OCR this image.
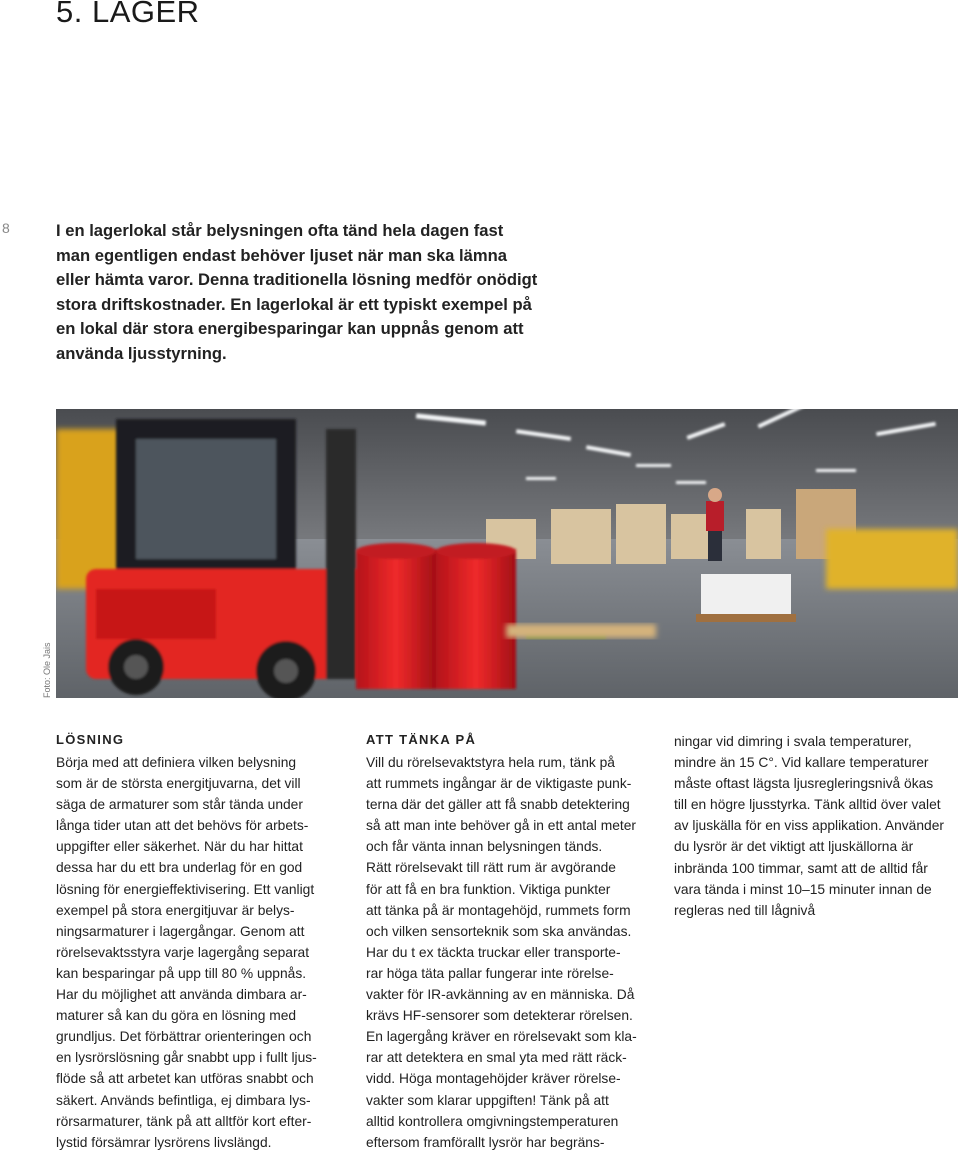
5. LAGER
8	I en lagerlokal står belysningen ofta tänd hela dagen fast
man egentligen endast behöver ljuset när man ska lämna
eller hämta varor. Denna traditionella lösning medför onödigt
stora driftskostnader. En lagerlokal är ett typiskt exempel på
en lokal där stora energibesparingar kan uppnås genom att
använda ljusstyrning.

Foto: Ole Jais
LÖSNING
Börja med att definiera vilken belysning
som är de största energitjuvarna, det vill
säga de armaturer som står tända under
långa tider utan att det behövs för arbets-
uppgifter eller säkerhet. När du har hittat
dessa har du ett bra underlag för en god
lösning för energieffektivisering. Ett vanligt
exempel på stora energitjuvar är belys-
ningsarmaturer i lagergångar. Genom att
rörelsevaktsstyra varje lagergång separat
kan besparingar på upp till 80 % uppnås.
Har du möjlighet att använda dimbara ar-
maturer så kan du göra en lösning med
grundljus. Det förbättrar orienteringen och
en lysrörslösning går snabbt upp i fullt ljus-
flöde så att arbetet kan utföras snabbt och
säkert. Används befintliga, ej dimbara lys-
rörsarmaturer, tänk på att alltför kort efter-
lystid försämrar lysrörens livslängd.
ATT TÄNKA PÅ
Vill du rörelsevaktstyra hela rum, tänk på
att rummets ingångar är de viktigaste punk-
terna där det gäller att få snabb detektering
så att man inte behöver gå in ett antal meter
och får vänta innan belysningen tänds.
Rätt rörelsevakt till rätt rum är avgörande
för att få en bra funktion. Viktiga punkter
att tänka på är montagehöjd, rummets form
och vilken sensorteknik som ska användas.
Har du t ex täckta truckar eller transporte-
rar höga täta pallar fungerar inte rörelse-
vakter för IR-avkänning av en människa. Då
krävs HF-sensorer som detekterar rörelsen.
En lagergång kräver en rörelsevakt som kla-
rar att detektera en smal yta med rätt räck-
vidd. Höga montagehöjder kräver rörelse-
vakter som klarar uppgiften! Tänk på att
alltid kontrollera omgivningstemperaturen
eftersom framförallt lysrör har begräns-
ningar vid dimring i svala temperaturer,
mindre än 15 C°. Vid kallare temperaturer
måste oftast lägsta ljusregleringsnivå ökas
till en högre ljusstyrka. Tänk alltid över valet
av ljuskälla för en viss applikation. Använder
du lysrör är det viktigt att ljuskällorna är
inbrända 100 timmar, samt att de alltid får
vara tända i minst 10–15 minuter innan de
regleras ned till lågnivå
